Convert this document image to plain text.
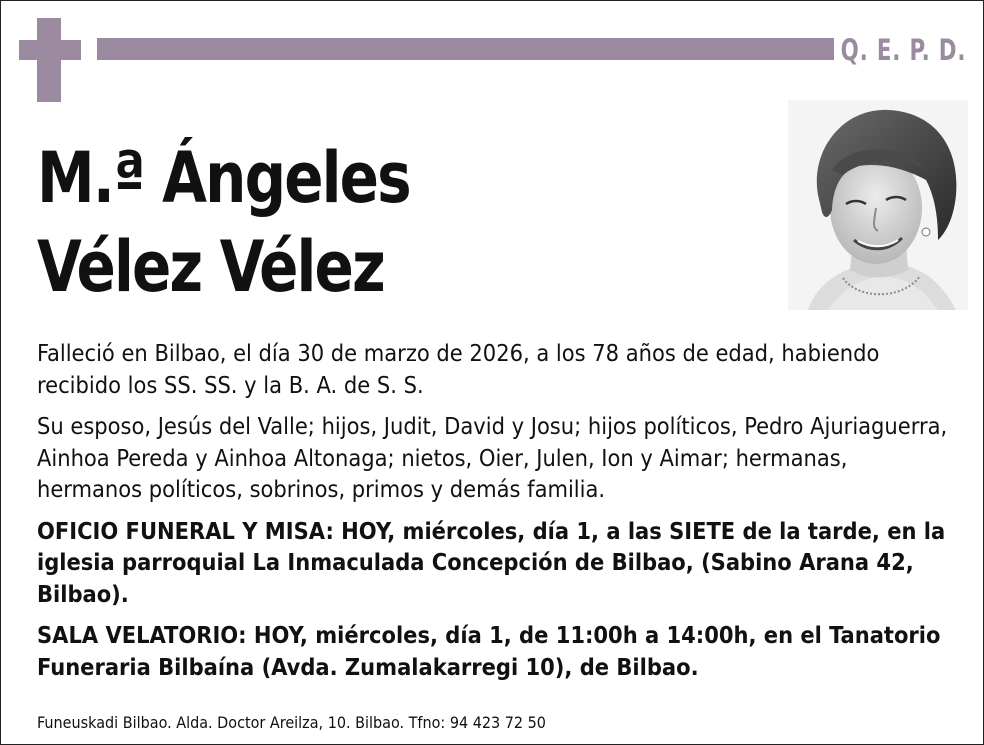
Q. E. P. D.
M.ª Ángeles
Vélez Vélez

Falleció en Bilbao, el día 30 de marzo de 2026, a los 78 años de edad, habiendo recibido los SS. SS. y la B. A. de S. S.

Su esposo, Jesús del Valle; hijos, Judit, David y Josu; hijos políticos, Pedro Ajuriaguerra, Ainhoa Pereda y Ainhoa Altonaga; nietos, Oier, Julen, Ion y Aimar; hermanas, hermanos políticos, sobrinos, primos y demás familia.

OFICIO FUNERAL Y MISA: HOY, miércoles, día 1, a las SIETE de la tarde, en la iglesia parroquial La Inmaculada Concepción de Bilbao, (Sabino Arana 42, Bilbao).

SALA VELATORIO: HOY, miércoles, día 1, de 11:00h a 14:00h, en el Tanatorio Funeraria Bilbaína (Avda. Zumalakarregi 10), de Bilbao.

Funeuskadi Bilbao. Alda. Doctor Areilza, 10. Bilbao. Tfno: 94 423 72 50
